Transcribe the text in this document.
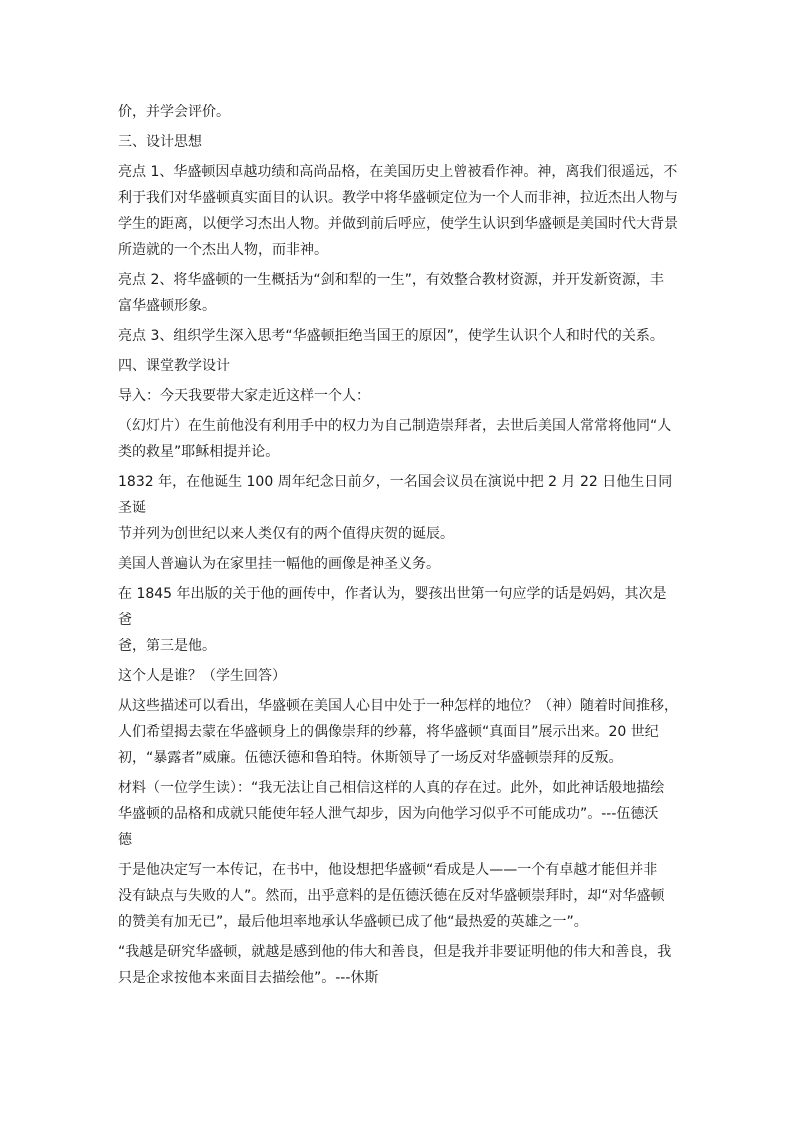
价，并学会评价。

三、设计思想

亮点 1、华盛顿因卓越功绩和高尚品格，在美国历史上曾被看作神。神，离我们很遥远，不
利于我们对华盛顿真实面目的认识。教学中将华盛顿定位为一个人而非神，拉近杰出人物与
学生的距离，以便学习杰出人物。并做到前后呼应，使学生认识到华盛顿是美国时代大背景
所造就的一个杰出人物，而非神。

亮点 2、将华盛顿的一生概括为“剑和犁的一生”，有效整合教材资源，并开发新资源，丰
富华盛顿形象。

亮点 3、组织学生深入思考“华盛顿拒绝当国王的原因”，使学生认识个人和时代的关系。

四、课堂教学设计

导入：今天我要带大家走近这样一个人：

（幻灯片）在生前他没有利用手中的权力为自己制造崇拜者，去世后美国人常常将他同“人
类的救星”耶稣相提并论。

1832 年，在他诞生 100 周年纪念日前夕，一名国会议员在演说中把 2 月 22 日他生日同圣诞
节并列为创世纪以来人类仅有的两个值得庆贺的诞辰。

美国人普遍认为在家里挂一幅他的画像是神圣义务。

在 1845 年出版的关于他的画传中，作者认为，婴孩出世第一句应学的话是妈妈，其次是爸
爸，第三是他。

这个人是谁？（学生回答）

从这些描述可以看出，华盛顿在美国人心目中处于一种怎样的地位？（神）随着时间推移，
人们希望揭去蒙在华盛顿身上的偶像崇拜的纱幕，将华盛顿“真面目”展示出来。20 世纪
初，“暴露者”威廉。伍德沃德和鲁珀特。休斯领导了一场反对华盛顿崇拜的反叛。

材料（一位学生读）：“我无法让自己相信这样的人真的存在过。此外，如此神话般地描绘
华盛顿的品格和成就只能使年轻人泄气却步，因为向他学习似乎不可能成功”。---伍德沃
德

于是他决定写一本传记，在书中，他设想把华盛顿“看成是人——一个有卓越才能但并非
没有缺点与失败的人”。然而，出乎意料的是伍德沃德在反对华盛顿崇拜时，却“对华盛顿
的赞美有加无已”，最后他坦率地承认华盛顿已成了他“最热爱的英雄之一”。

“我越是研究华盛顿，就越是感到他的伟大和善良，但是我并非要证明他的伟大和善良，我
只是企求按他本来面目去描绘他”。---休斯
